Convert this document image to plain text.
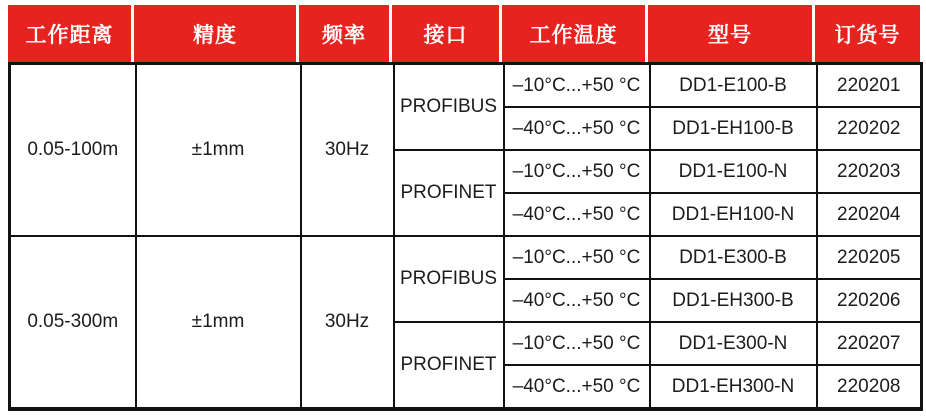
工作距离	精度	频率	接口	工作温度	型号	订货号
0.05-100m	±1mm	30Hz	PROFIBUS	–10°C...+50 °C	DD1-E100-B	220201
				–40°C...+50 °C	DD1-EH100-B	220202
			PROFINET	–10°C...+50 °C	DD1-E100-N	220203
				–40°C...+50 °C	DD1-EH100-N	220204
0.05-300m	±1mm	30Hz	PROFIBUS	–10°C...+50 °C	DD1-E300-B	220205
				–40°C...+50 °C	DD1-EH300-B	220206
			PROFINET	–10°C...+50 °C	DD1-E300-N	220207
				–40°C...+50 °C	DD1-EH300-N	220208
